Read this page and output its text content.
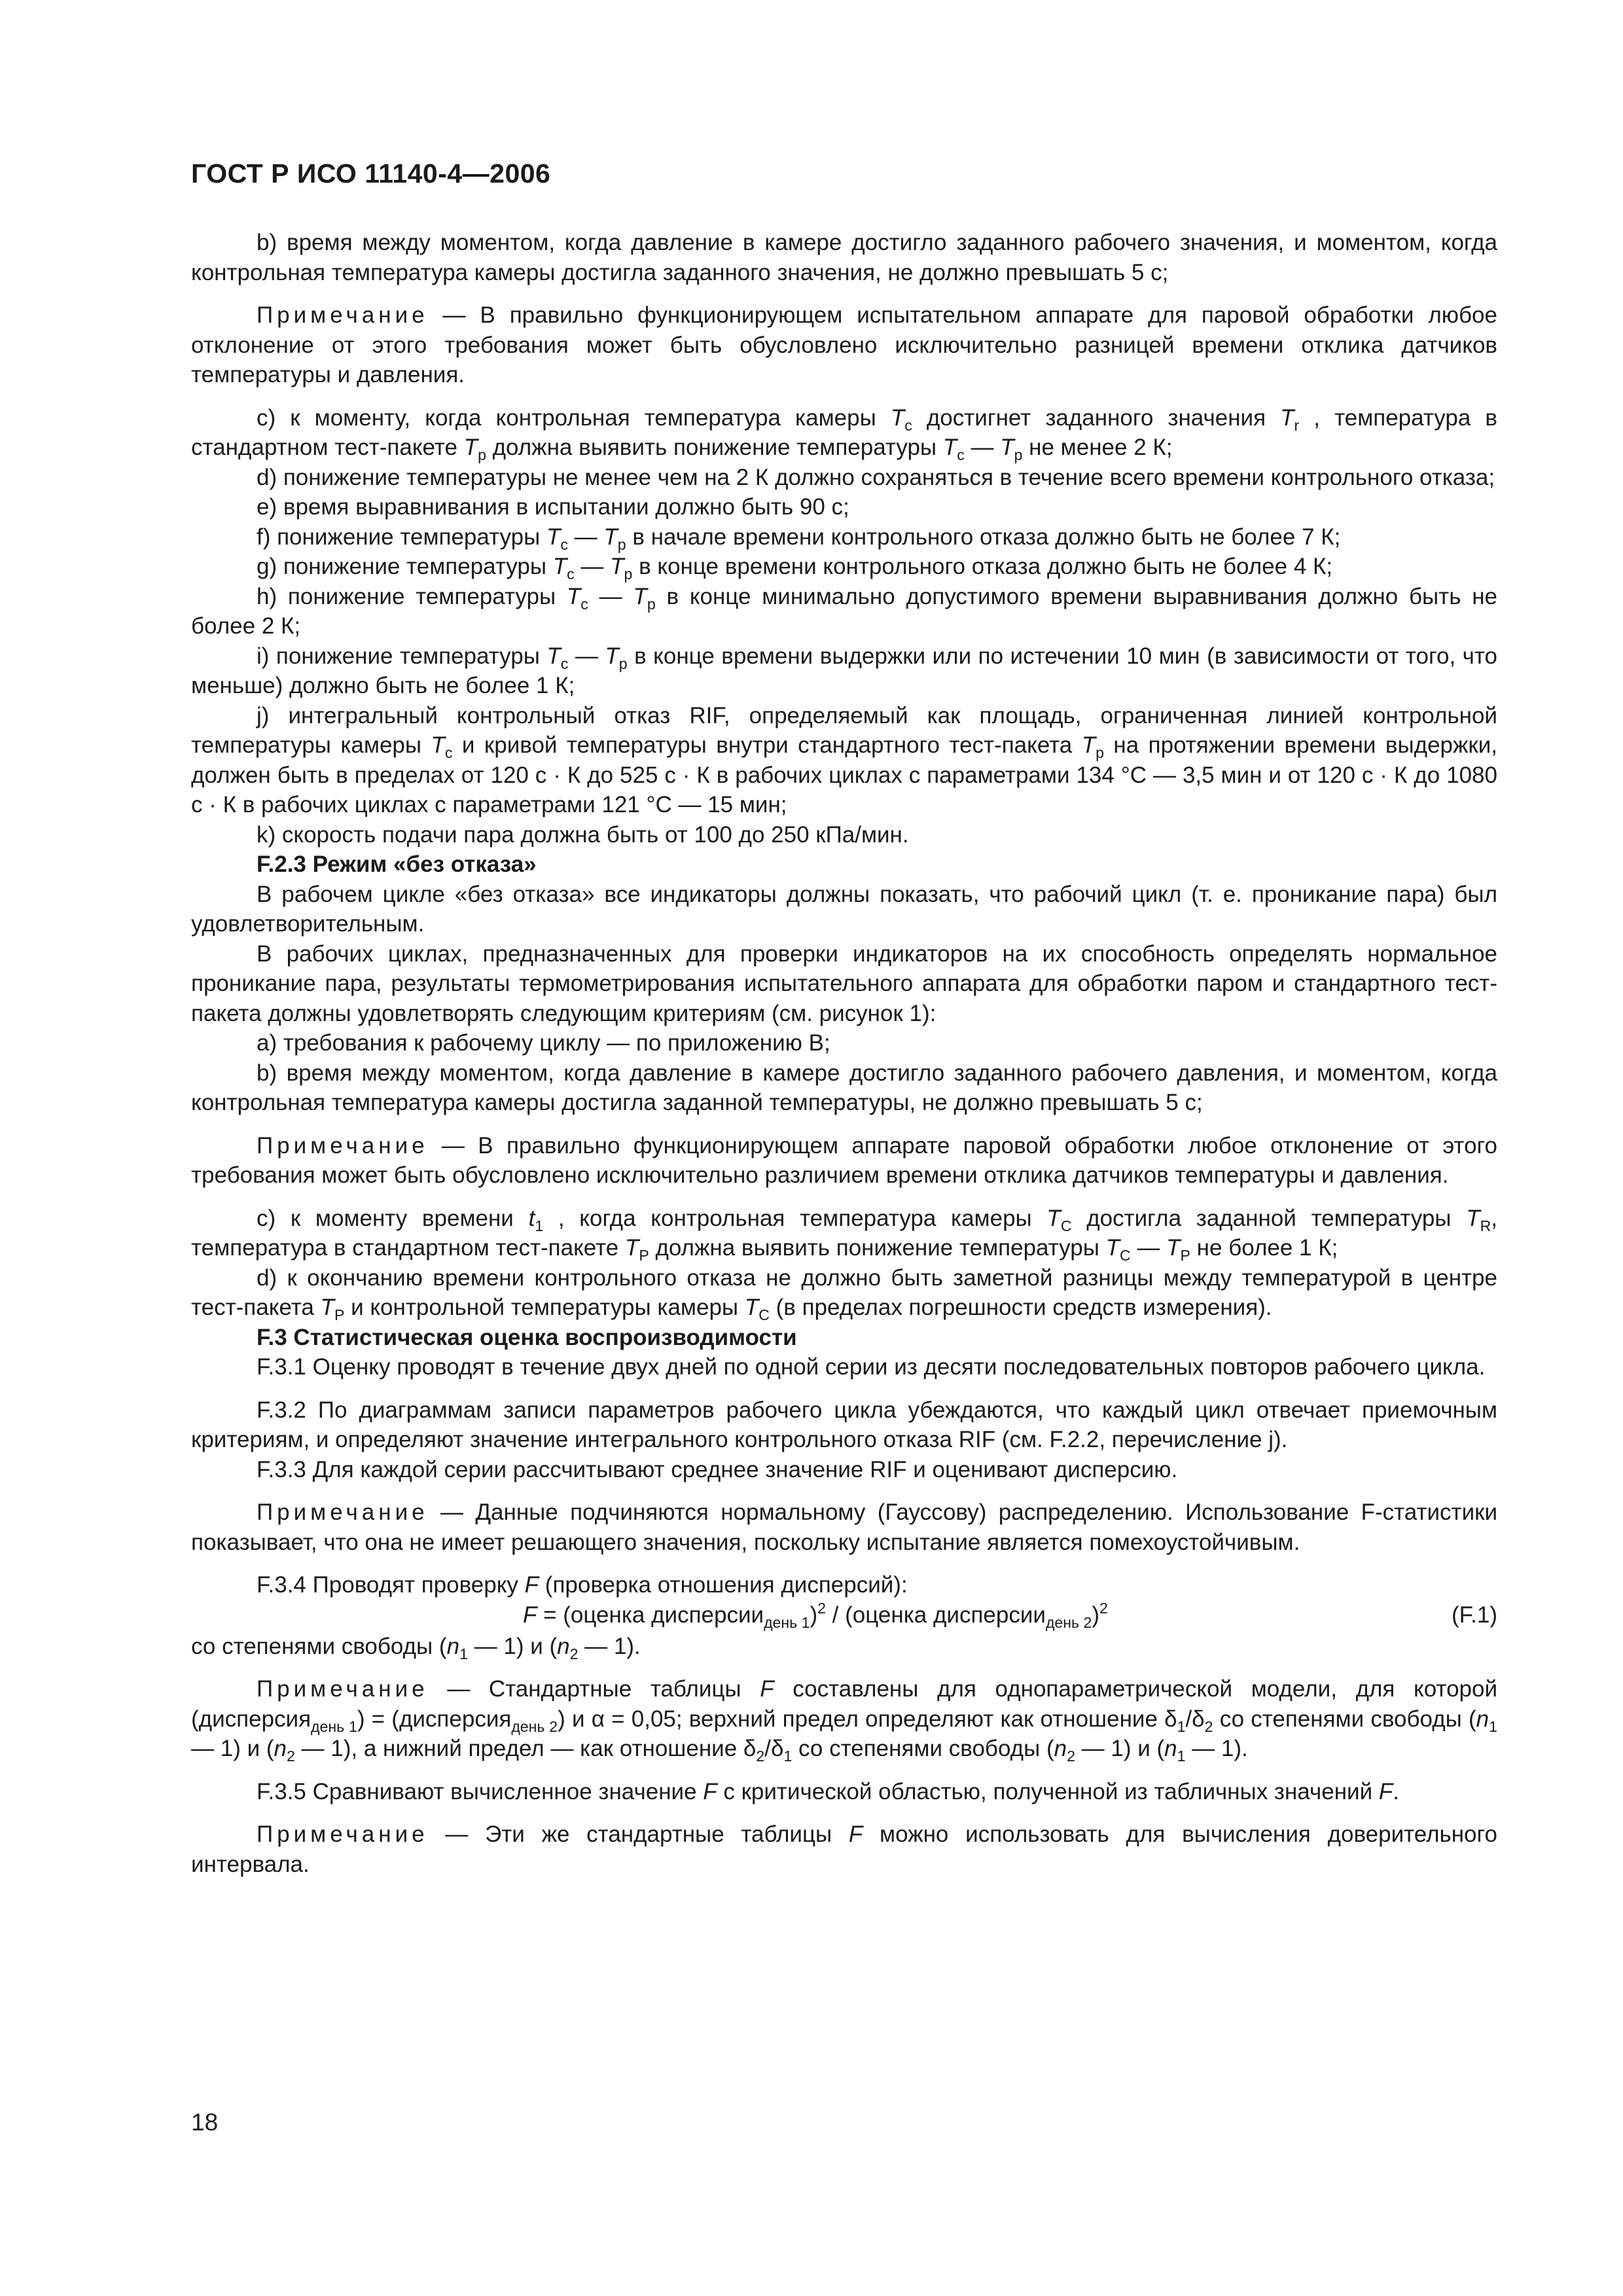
ГОСТ Р ИСО 11140-4—2006

b) время между моментом, когда давление в камере достигло заданного рабочего значения, и моментом, когда контрольная температура камеры достигла заданного значения, не должно превышать 5 с;

Примечание — В правильно функционирующем испытательном аппарате для паровой обработки любое отклонение от этого требования может быть обусловлено исключительно разницей времени отклика датчиков температуры и давления.

c) к моменту, когда контрольная температура камеры $T_c$ достигнет заданного значения $T_r$ , температура в стандартном тест-пакете $T_p$ должна выявить понижение температуры $T_c$ — $T_p$ не менее 2 К;

d) понижение температуры не менее чем на 2 К должно сохраняться в течение всего времени контрольного отказа;

e) время выравнивания в испытании должно быть 90 с;

f) понижение температуры $T_c$ — $T_p$ в начале времени контрольного отказа должно быть не более 7 К;

g) понижение температуры $T_c$ — $T_p$ в конце времени контрольного отказа должно быть не более 4 К;

h) понижение температуры $T_c$ — $T_p$ в конце минимально допустимого времени выравнивания должно быть не более 2 К;

i) понижение температуры $T_c$ — $T_p$ в конце времени выдержки или по истечении 10 мин (в зависимости от того, что меньше) должно быть не более 1 К;

j) интегральный контрольный отказ RIF, определяемый как площадь, ограниченная линией контрольной температуры камеры $T_c$ и кривой температуры внутри стандартного тест-пакета $T_p$ на протяжении времени выдержки, должен быть в пределах от 120 с · К до 525 с · К в рабочих циклах с параметрами 134 °С — 3,5 мин и от 120 с · К до 1080 с · К в рабочих циклах с параметрами 121 °С — 15 мин;

k) скорость подачи пара должна быть от 100 до 250 кПа/мин.

F.2.3 Режим «без отказа»

В рабочем цикле «без отказа» все индикаторы должны показать, что рабочий цикл (т. е. проникание пара) был удовлетворительным.

В рабочих циклах, предназначенных для проверки индикаторов на их способность определять нормальное проникание пара, результаты термометрирования испытательного аппарата для обработки паром и стандартного тест-пакета должны удовлетворять следующим критериям (см. рисунок 1):

a) требования к рабочему циклу — по приложению В;

b) время между моментом, когда давление в камере достигло заданного рабочего давления, и моментом, когда контрольная температура камеры достигла заданной температуры, не должно превышать 5 с;

Примечание — В правильно функционирующем аппарате паровой обработки любое отклонение от этого требования может быть обусловлено исключительно различием времени отклика датчиков температуры и давления.

c) к моменту времени $t_1$ , когда контрольная температура камеры $T_C$ достигла заданной температуры $T_R$, температура в стандартном тест-пакете $T_P$ должна выявить понижение температуры $T_C$ — $T_P$ не более 1 К;

d) к окончанию времени контрольного отказа не должно быть заметной разницы между температурой в центре тест-пакета $T_P$ и контрольной температуры камеры $T_C$ (в пределах погрешности средств измерения).

F.3 Статистическая оценка воспроизводимости

F.3.1 Оценку проводят в течение двух дней по одной серии из десяти последовательных повторов рабочего цикла.

F.3.2 По диаграммам записи параметров рабочего цикла убеждаются, что каждый цикл отвечает приемочным критериям, и определяют значение интегрального контрольного отказа RIF (см. F.2.2, перечисление j).

F.3.3 Для каждой серии рассчитывают среднее значение RIF и оценивают дисперсию.

Примечание — Данные подчиняются нормальному (Гауссову) распределению. Использование F-статистики показывает, что она не имеет решающего значения, поскольку испытание является помехоустойчивым.

F.3.4 Проводят проверку F (проверка отношения дисперсий):

F = (оценка дисперсии$_{день 1}$)$^2$ / (оценка дисперсии$_{день 2}$)$^2$	(F.1)

со степенями свободы ($n_1$ — 1) и ($n_2$ — 1).

Примечание — Стандартные таблицы F составлены для однопараметрической модели, для которой (дисперсия$_{день 1}$) = (дисперсия$_{день 2}$) и α = 0,05; верхний предел определяют как отношение $\delta_1/\delta_2$ со степенями свободы ($n_1$ — 1) и ($n_2$ — 1), а нижний предел — как отношение $\delta_2/\delta_1$ со степенями свободы ($n_2$ — 1) и ($n_1$ — 1).

F.3.5 Сравнивают вычисленное значение F с критической областью, полученной из табличных значений F.

Примечание — Эти же стандартные таблицы F можно использовать для вычисления доверительного интервала.

18
